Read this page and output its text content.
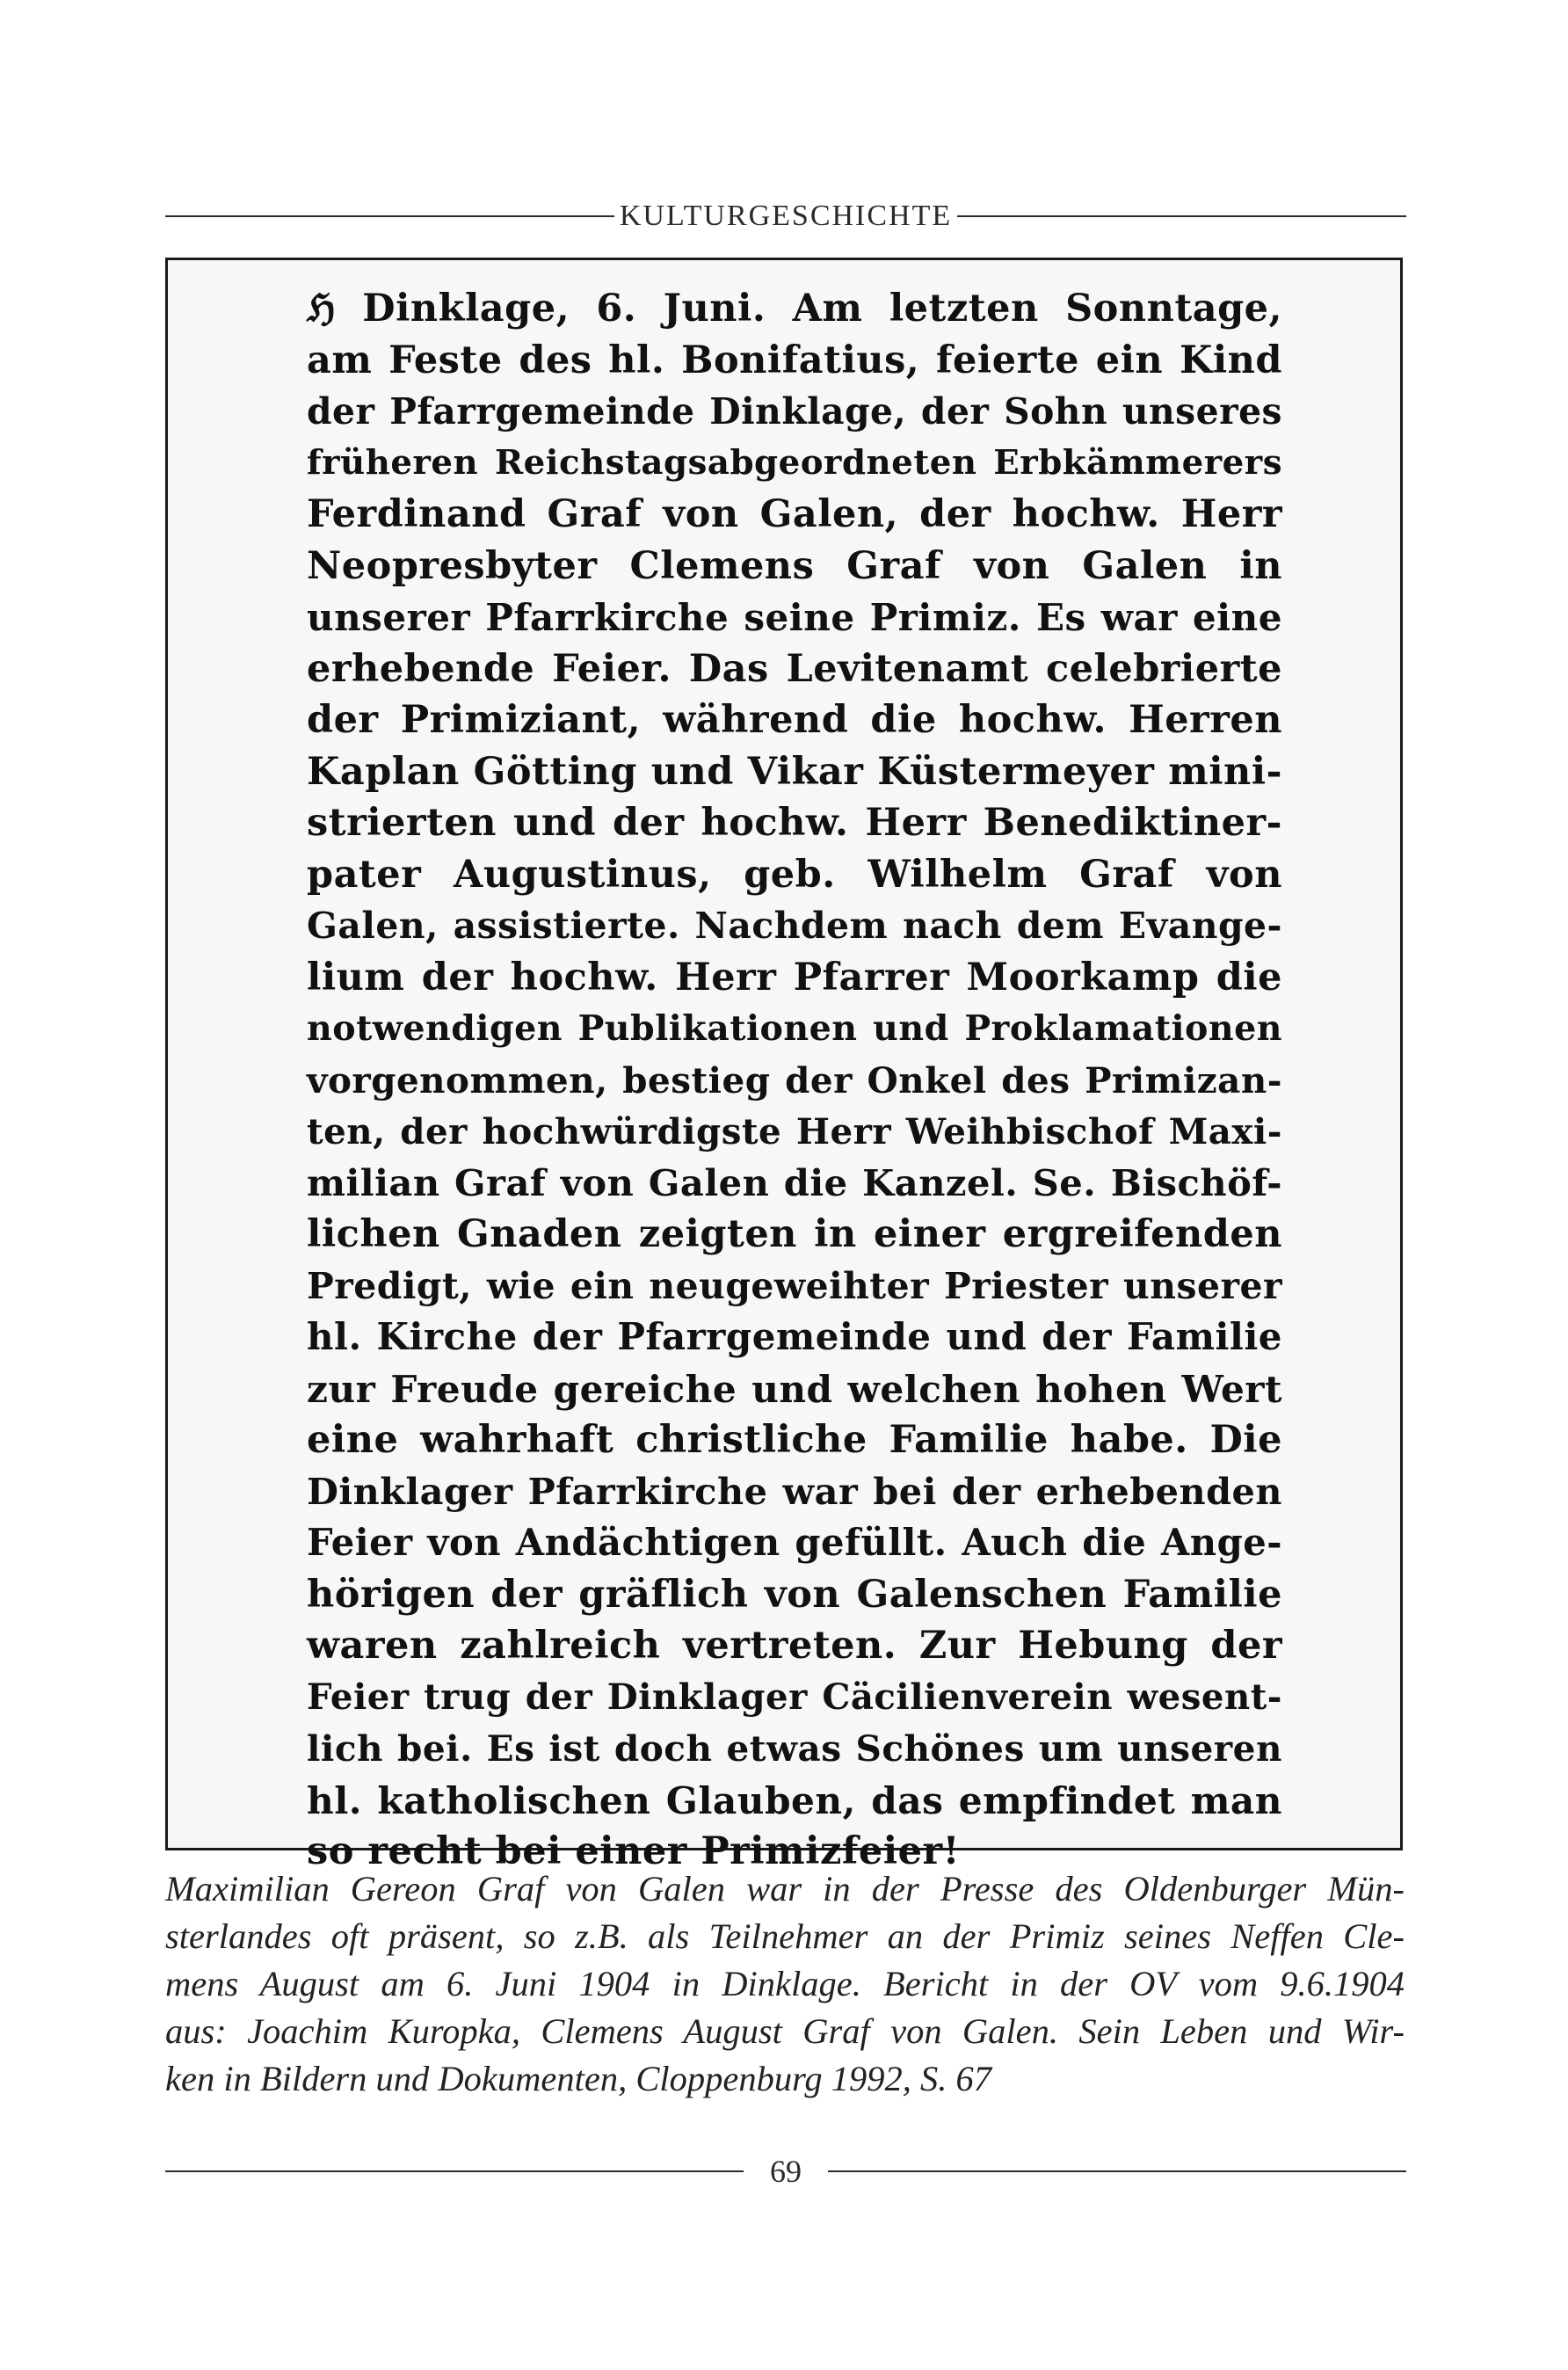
KULTURGESCHICHTE
ℌ Dinklage, 6. Juni. Am letzten Sonntage,
am Feste des hl. Bonifatius, feierte ein Kind
der Pfarrgemeinde Dinklage, der Sohn unseres
früheren Reichstagsabgeordneten Erbkämmerers
Ferdinand Graf von Galen, der hochw. Herr
Neopresbyter Clemens Graf von Galen in
unserer Pfarrkirche seine Primiz. Es war eine
erhebende Feier. Das Levitenamt celebrierte
der Primiziant, während die hochw. Herren
Kaplan Götting und Vikar Küstermeyer mini-
strierten und der hochw. Herr Benediktiner-
pater Augustinus, geb. Wilhelm Graf von
Galen, assistierte. Nachdem nach dem Evange-
lium der hochw. Herr Pfarrer Moorkamp die
notwendigen Publikationen und Proklamationen
vorgenommen, bestieg der Onkel des Primizan-
ten, der hochwürdigste Herr Weihbischof Maxi-
milian Graf von Galen die Kanzel. Se. Bischöf-
lichen Gnaden zeigten in einer ergreifenden
Predigt, wie ein neugeweihter Priester unserer
hl. Kirche der Pfarrgemeinde und der Familie
zur Freude gereiche und welchen hohen Wert
eine wahrhaft christliche Familie habe. Die
Dinklager Pfarrkirche war bei der erhebenden
Feier von Andächtigen gefüllt. Auch die Ange-
hörigen der gräflich von Galenschen Familie
waren zahlreich vertreten. Zur Hebung der
Feier trug der Dinklager Cäcilienverein wesent-
lich bei. Es ist doch etwas Schönes um unseren
hl. katholischen Glauben, das empfindet man
so recht bei einer Primizfeier!
Maximilian Gereon Graf von Galen war in der Presse des Oldenburger Mün-
sterlandes oft präsent, so z.B. als Teilnehmer an der Primiz seines Neffen Cle-
mens August am 6. Juni 1904 in Dinklage. Bericht in der OV vom 9.6.1904
aus: Joachim Kuropka, Clemens August Graf von Galen. Sein Leben und Wir-
ken in Bildern und Dokumenten, Cloppenburg 1992, S. 67
69
